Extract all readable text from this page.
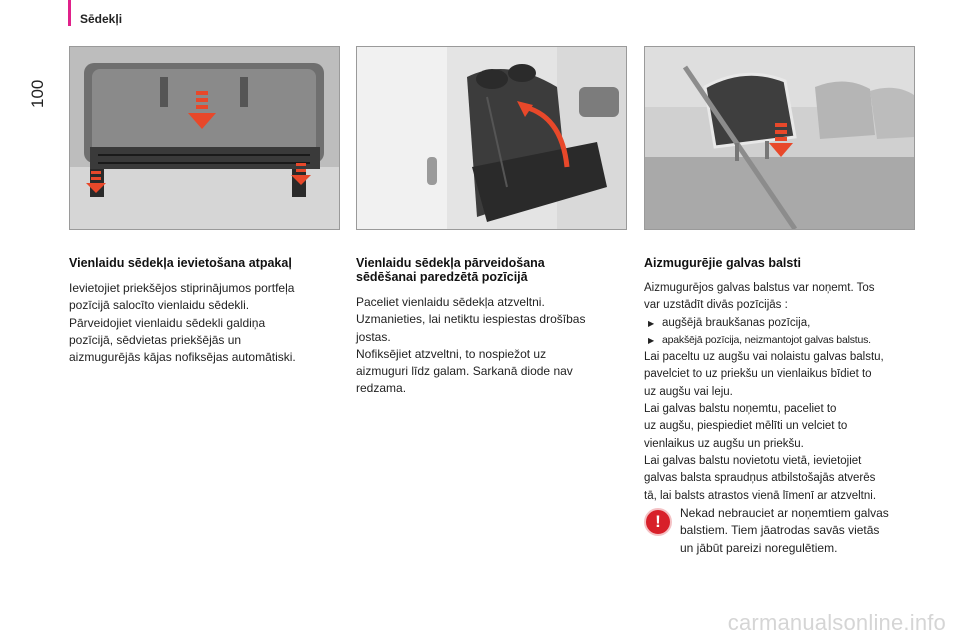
Sēdekļi
100
Vienlaidu sēdekļa ievietošana atpakaļ

Ievietojiet priekšējos stiprinājumos portfeļa

pozīcijā salocīto vienlaidu sēdekli.

Pārveidojiet vienlaidu sēdekli galdiņa

pozīcijā, sēdvietas priekšējās un

aizmugurējās kājas nofiksējas automātiski.

Vienlaidu sēdekļa pārveidošana
sēdēšanai paredzētā pozīcijā

Paceliet vienlaidu sēdekļa atzveltni.

Uzmanieties, lai netiktu iespiestas drošības

jostas.

Nofiksējiet atzveltni, to nospiežot uz

aizmuguri līdz galam. Sarkanā diode nav

redzama.

Aizmugurējie galvas balsti

Aizmugurējos galvas balstus var noņemt. Tos

var uzstādīt divās pozīcijās :

▶ augšējā braukšanas pozīcija,
▶ apakšējā pozīcija, neizmantojot galvas balstus.

Lai paceltu uz augšu vai nolaistu galvas balstu,

pavelciet to uz priekšu un vienlaikus bīdiet to

uz augšu vai leju.

Lai galvas balstu noņemtu, paceliet to

uz augšu, piespiediet mēlīti un velciet to

vienlaikus uz augšu un priekšu.

Lai galvas balstu novietotu vietā, ievietojiet

galvas balsta spraudņus atbilstošajās atverēs

tā, lai balsts atrastos vienā līmenī ar atzveltni.

!	Nekad nebrauciet ar noņemtiem galvas

balstiem. Tiem jāatrodas savās vietās

un jābūt pareizi noregulētiem.

carmanualsonline.info
